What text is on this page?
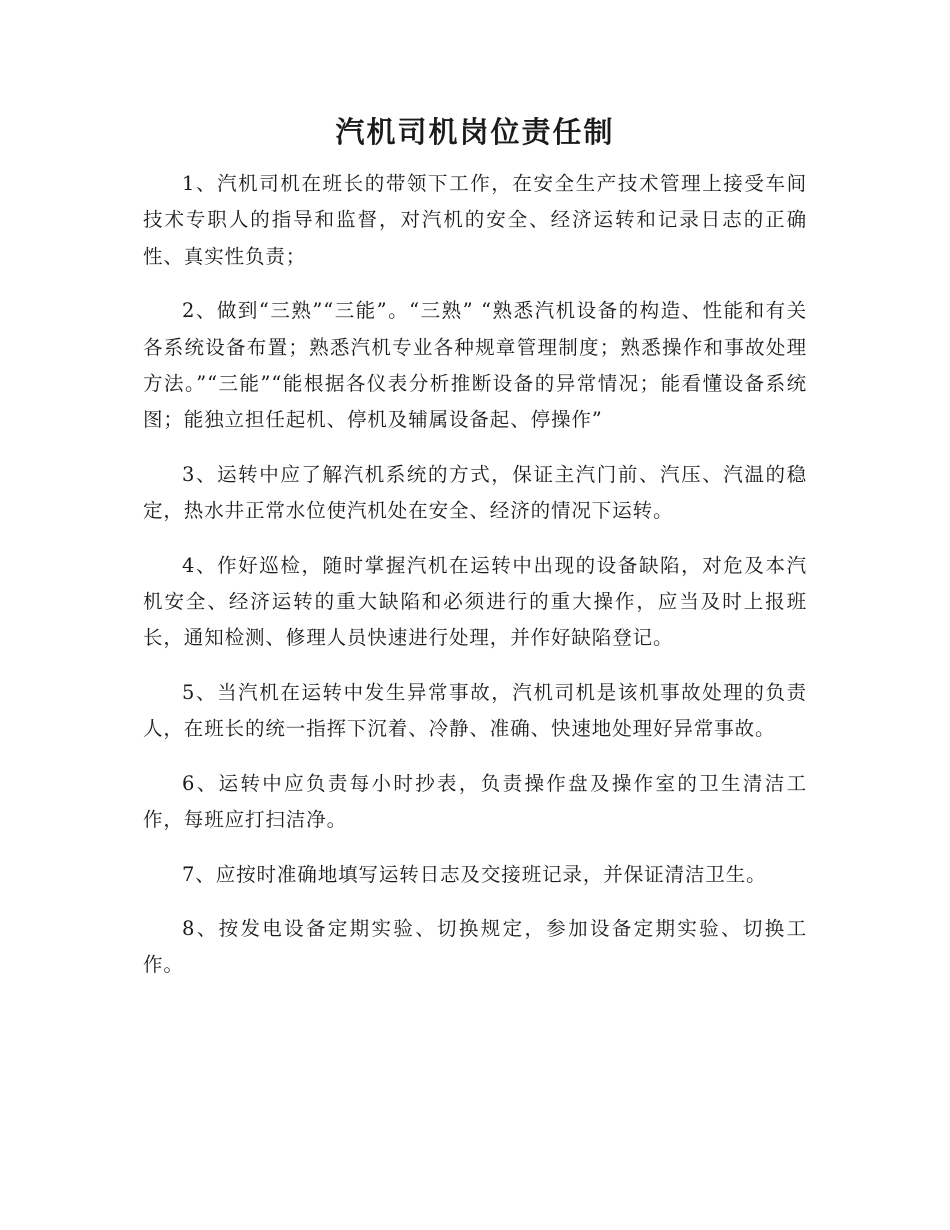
汽机司机岗位责任制

1、汽机司机在班长的带领下工作，在安全生产技术管理上接受车间技术专职人的指导和监督，对汽机的安全、经济运转和记录日志的正确性、真实性负责；

2、做到“三熟”“三能”。“三熟” “熟悉汽机设备的构造、性能和有关各系统设备布置；熟悉汽机专业各种规章管理制度；熟悉操作和事故处理方法。”“三能”“能根据各仪表分析推断设备的异常情况；能看懂设备系统图；能独立担任起机、停机及辅属设备起、停操作”

3、运转中应了解汽机系统的方式，保证主汽门前、汽压、汽温的稳定，热水井正常水位使汽机处在安全、经济的情况下运转。

4、作好巡检，随时掌握汽机在运转中出现的设备缺陷，对危及本汽机安全、经济运转的重大缺陷和必须进行的重大操作，应当及时上报班长，通知检测、修理人员快速进行处理，并作好缺陷登记。

5、当汽机在运转中发生异常事故，汽机司机是该机事故处理的负责人，在班长的统一指挥下沉着、冷静、准确、快速地处理好异常事故。

6、运转中应负责每小时抄表，负责操作盘及操作室的卫生清洁工作，每班应打扫洁净。

7、应按时准确地填写运转日志及交接班记录，并保证清洁卫生。

8、按发电设备定期实验、切换规定，参加设备定期实验、切换工作。
